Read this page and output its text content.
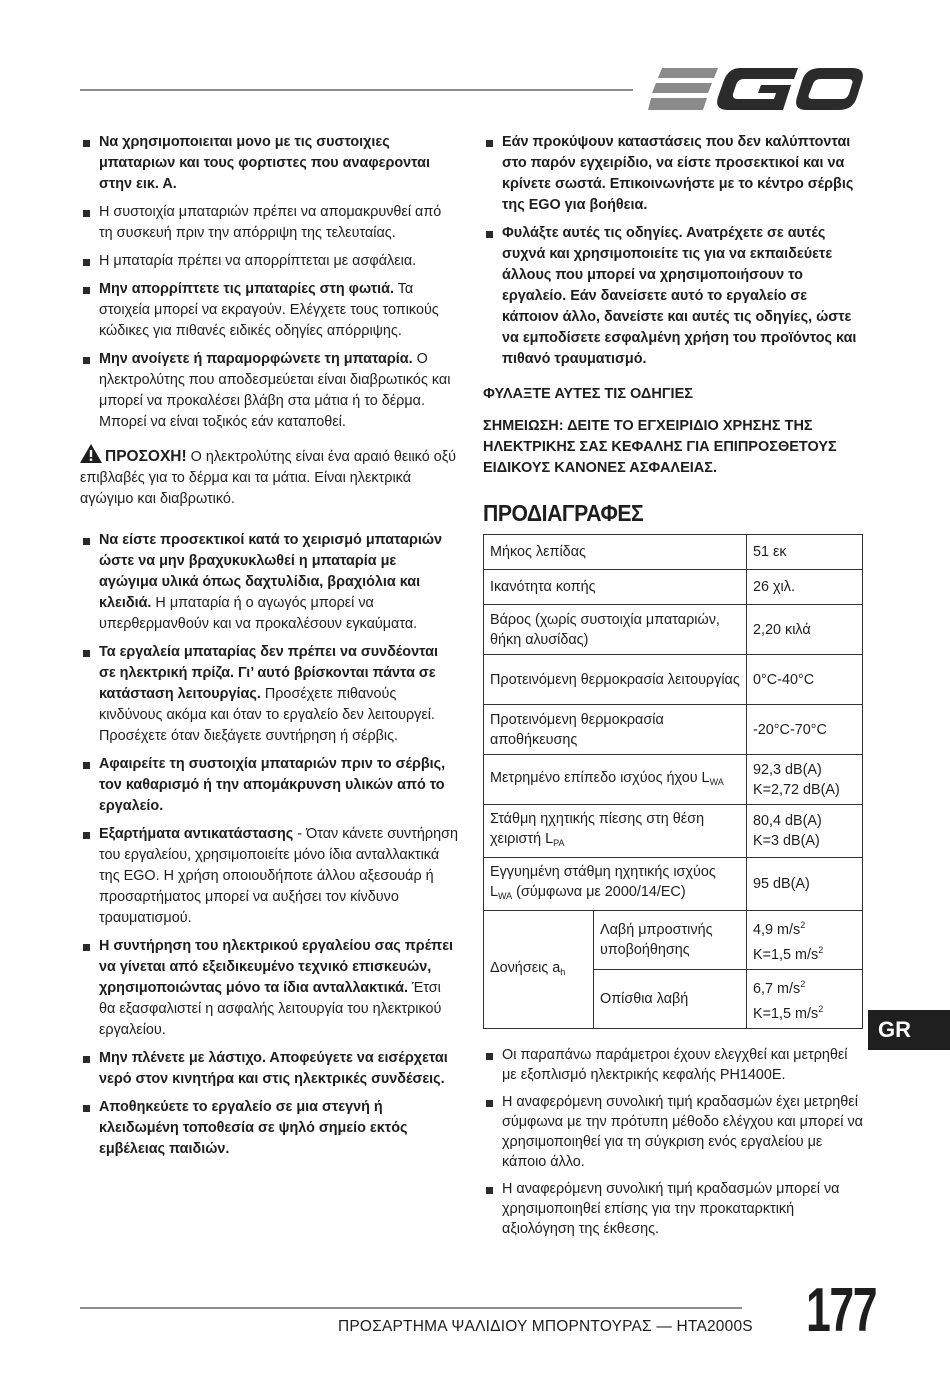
Να χρησιμοποιειται μονο με τις συστοιχιες μπαταριων και τους φορτιστες που αναφερονται στην εικ. Α.
Η συστοιχία μπαταριών πρέπει να απομακρυνθεί από τη συσκευή πριν την απόρριψη της τελευταίας.
Η μπαταρία πρέπει να απορρίπτεται με ασφάλεια.
Μην απορρίπτετε τις μπαταρίες στη φωτιά. Τα στοιχεία μπορεί να εκραγούν. Ελέγχετε τους τοπικούς κώδικες για πιθανές ειδικές οδηγίες απόρριψης.
Μην ανοίγετε ή παραμορφώνετε τη μπαταρία. Ο ηλεκτρολύτης που αποδεσμεύεται είναι διαβρωτικός και μπορεί να προκαλέσει βλάβη στα μάτια ή το δέρμα. Μπορεί να είναι τοξικός εάν καταποθεί.
ΠΡΟΣΟΧΗ! Ο ηλεκτρολύτης είναι ένα αραιό θειικό οξύ επιβλαβές για το δέρμα και τα μάτια. Είναι ηλεκτρικά αγώγιμο και διαβρωτικό.
Να είστε προσεκτικοί κατά το χειρισμό μπαταριών ώστε να μην βραχυκυκλωθεί η μπαταρία με αγώγιμα υλικά όπως δαχτυλίδια, βραχιόλια και κλειδιά. Η μπαταρία ή ο αγωγός μπορεί να υπερθερμανθούν και να προκαλέσουν εγκαύματα.
Τα εργαλεία μπαταρίας δεν πρέπει να συνδέονται σε ηλεκτρική πρίζα. Γι’ αυτό βρίσκονται πάντα σε κατάσταση λειτουργίας. Προσέχετε πιθανούς κινδύνους ακόμα και όταν το εργαλείο δεν λειτουργεί. Προσέχετε όταν διεξάγετε συντήρηση ή σέρβις.
Αφαιρείτε τη συστοιχία μπαταριών πριν το σέρβις, τον καθαρισμό ή την απομάκρυνση υλικών από το εργαλείο.
Εξαρτήματα αντικατάστασης - Όταν κάνετε συντήρηση του εργαλείου, χρησιμοποιείτε μόνο ίδια ανταλλακτικά της EGO. Η χρήση οποιουδήποτε άλλου αξεσουάρ ή προσαρτήματος μπορεί να αυξήσει τον κίνδυνο τραυματισμού.
Η συντήρηση του ηλεκτρικού εργαλείου σας πρέπει να γίνεται από εξειδικευμένο τεχνικό επισκευών, χρησιμοποιώντας μόνο τα ίδια ανταλλακτικά. Έτσι θα εξασφαλιστεί η ασφαλής λειτουργία του ηλεκτρικού εργαλείου.
Μην πλένετε με λάστιχο. Αποφεύγετε να εισέρχεται νερό στον κινητήρα και στις ηλεκτρικές συνδέσεις.
Αποθηκεύετε το εργαλείο σε μια στεγνή ή κλειδωμένη τοποθεσία σε ψηλό σημείο εκτός εμβέλειας παιδιών.
Εάν προκύψουν καταστάσεις που δεν καλύπτονται στο παρόν εγχειρίδιο, να είστε προσεκτικοί και να κρίνετε σωστά. Επικοινωνήστε με το κέντρο σέρβις της EGO για βοήθεια.
Φυλάξτε αυτές τις οδηγίες. Ανατρέχετε σε αυτές συχνά και χρησιμοποιείτε τις για να εκπαιδεύετε άλλους που μπορεί να χρησιμοποιήσουν το εργαλείο. Εάν δανείσετε αυτό το εργαλείο σε κάποιον άλλο, δανείστε και αυτές τις οδηγίες, ώστε να εμποδίσετε εσφαλμένη χρήση του προϊόντος και πιθανό τραυματισμό.
ΦΥΛΑΞΤΕ ΑΥΤΕΣ ΤΙΣ ΟΔΗΓΙΕΣ
ΣΗΜΕΙΩΣΗ: ΔΕΙΤΕ ΤΟ ΕΓΧΕΙΡΙΔΙΟ ΧΡΗΣΗΣ ΤΗΣ ΗΛΕΚΤΡΙΚΗΣ ΣΑΣ ΚΕΦΑΛΗΣ ΓΙΑ ΕΠΙΠΡΟΣΘΕΤΟΥΣ ΕΙΔΙΚΟΥΣ ΚΑΝΟΝΕΣ ΑΣΦΑΛΕΙΑΣ.
ΠΡΟΔΙΑΓΡΑΦΕΣ
Μήκος λεπίδας		51 εκ
Ικανότητα κοπής		26 χιλ.
Βάρος (χωρίς συστοιχία μπαταριών, θήκη αλυσίδας)		2,20 κιλά
Προτεινόμενη θερμοκρασία λειτουργίας		0°C-40°C
Προτεινόμενη θερμοκρασία αποθήκευσης		-20°C-70°C
Μετρημένο επίπεδο ισχύος ήχου $L_{WA}$		92,3 dB(A)
K=2,72 dB(A)

Στάθμη ηχητικής πίεσης στη θέση χειριστή $L_{PA}$		80,4 dB(A)
K=3 dB(A)

Εγγυημένη στάθμη ηχητικής ισχύος
$L_{WA}$ (σύμφωνα με 2000/14/EC)		95 dB(A)
Δονήσεις $a_h$	Λαβή μπροστινής υποβοήθησης	4,9 $m/s^2$
K=1,5 $m/s^2$

	Οπίσθια λαβή	6,7 $m/s^2$
K=1,5 $m/s^2$
Οι παραπάνω παράμετροι έχουν ελεγχθεί και μετρηθεί με εξοπλισμό ηλεκτρικής κεφαλής PH1400E.
Η αναφερόμενη συνολική τιμή κραδασμών έχει μετρηθεί σύμφωνα με την πρότυπη μέθοδο ελέγχου και μπορεί να χρησιμοποιηθεί για τη σύγκριση ενός εργαλείου με κάποιο άλλο.
Η αναφερόμενη συνολική τιμή κραδασμών μπορεί να χρησιμοποιηθεί επίσης για την προκαταρκτική αξιολόγηση της έκθεσης.
GR
ΠΡΟΣΑΡΤΗΜΑ ΨΑΛΙΔΙΟΥ ΜΠΟΡΝΤΟΥΡΑΣ — HTA2000S 177
